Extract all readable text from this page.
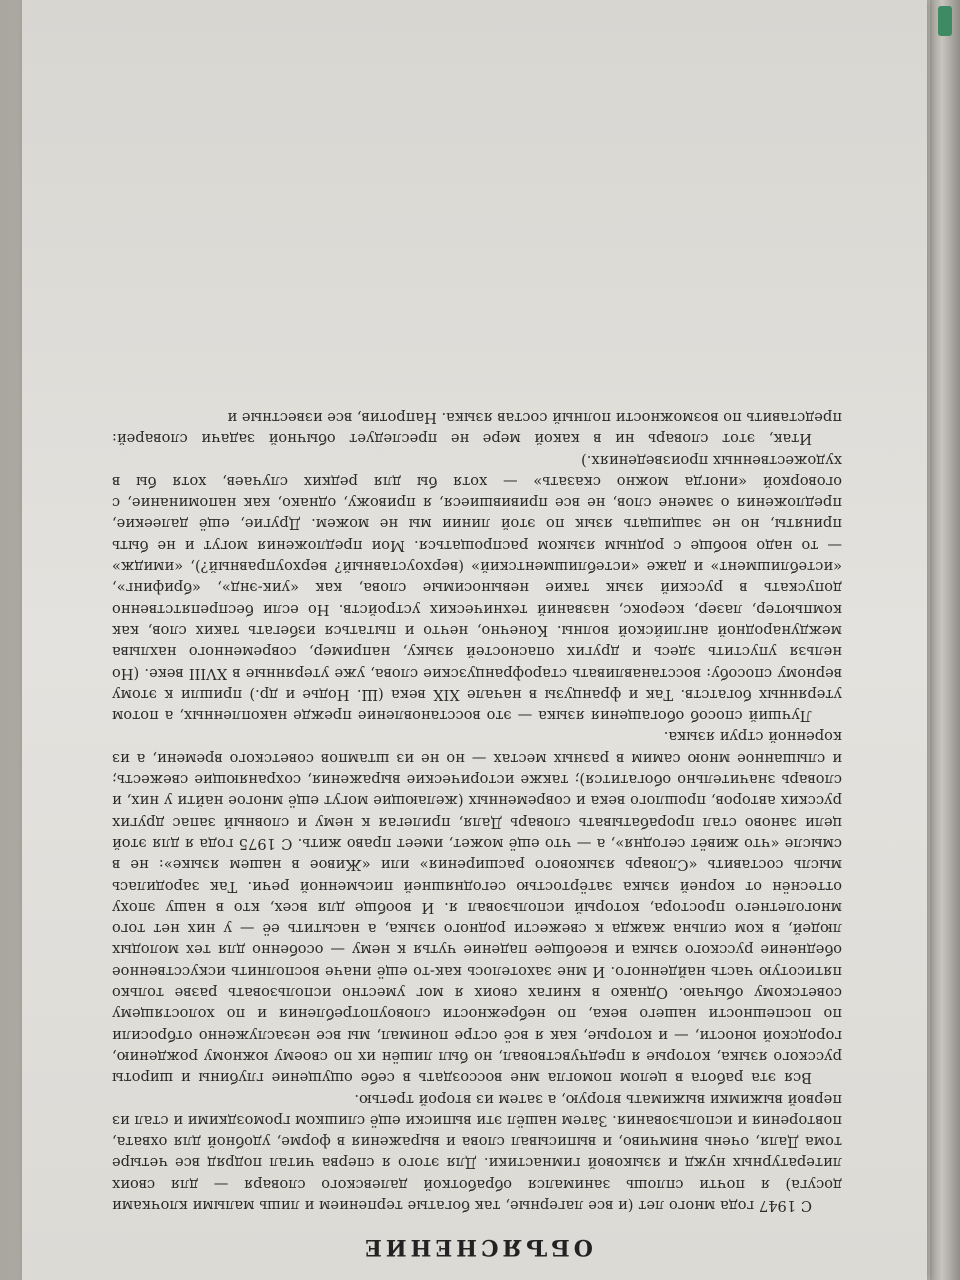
ОБЪЯСНЕНИЕ

С 1947 года много лет (и все лагерные, так богатые терпением и лишь малыми клочками досуга) я почти сплошь занимался обработкой далевского словаря — для своих литературных нужд и языковой гимнастики. Для этого я сперва читал подряд все четыре тома Даля, очень внимчиво, и выписывал слова и выражения в форме, удобной для охвата, повторения и использования. Затем нашёл эти выписки ещё слишком громоздкими и стал из первой выжимки выжимать вторую, а затем из второй третью.

Вся эта работа в целом помогла мне воссоздать в себе ощущение глубины и широты русского языка, которые я предчувствовал, но был лишён их по своему южному рождению, городской юности, — и которые, как я всё остре понимал, мы все незаслуженно отбросили по поспешности нашего века, по небрежности словоупотребления и по холостящему советскому обычаю. Однако в книгах своих я мог уместно использовать разве только пятисотую часть найденного. И мне захотелось как-то ещё иначе восполнить искусственное обеднение русского языка и всеобщее падение чутья к нему — особенно для тех молодых людей, в ком сильна жажда к свежести родного языка, а насытить её — у них нет того многолетнего простора, который использовал я. И вообще для всех, кто в нашу эпоху оттеснён от корней языка затёртостью сегодняшней письменной речи. Так зародилась мысль составить «Словарь языкового расширения» или «Живое в нашем языке»: не в смысле «что живёт сегодня», а — что ещё может, имеет право жить. С 1975 года я для этой цели заново стал прорабатывать словарь Даля, прилегая к нему и словный запас других русских авторов, прошлого века и современных (желающие могут ещё многое найти у них, и словарь значительно обогатится); также исторические выражения, сохраняющие свежесть; и слышанное мною самим в разных местах — но не из штампов советского времени, а из коренной струи языка.

Лучший способ обогащения языка — это восстановление прежде накопленных, а потом утерянных богатств. Так и французы в начале XIX века (Ш. Нодье и др.) пришли к этому верному способу: восстанавливать старофранцузские слова, уже утерянные в XVIII веке. (Но нельзя упустить здесь и других опасностей языку, например, современного нахлыва международной английской волны. Конечно, нечто и пытаться избегать таких слов, как компьютер, лазер, ксерокс, названий технических устройств. Но если беспрепятственно допускать в русский язык такие невыносимые слова, как «уик-энд», «брифинг», «истеблишмент» и даже «истеблишментский» (верхоуставный? верхоуправный?), «имидж» — то надо вообще с родным языком распрощаться. Мои предложения могут и не быть приняты, но не защищать язык по этой линии мы не можем. Другие, ещё далеекие, предложения о замене слов, не все привившиеся, я привожу, однако, как напоминание, с оговоркой «иногда можно сказать» — хотя бы для редких случаев, хотя бы в художественных произведениях.)

Итак, этот словарь ни в какой мере не преследует обычной задачи словарей: представить по возможности полный состав языка. Напротив, все известные и
